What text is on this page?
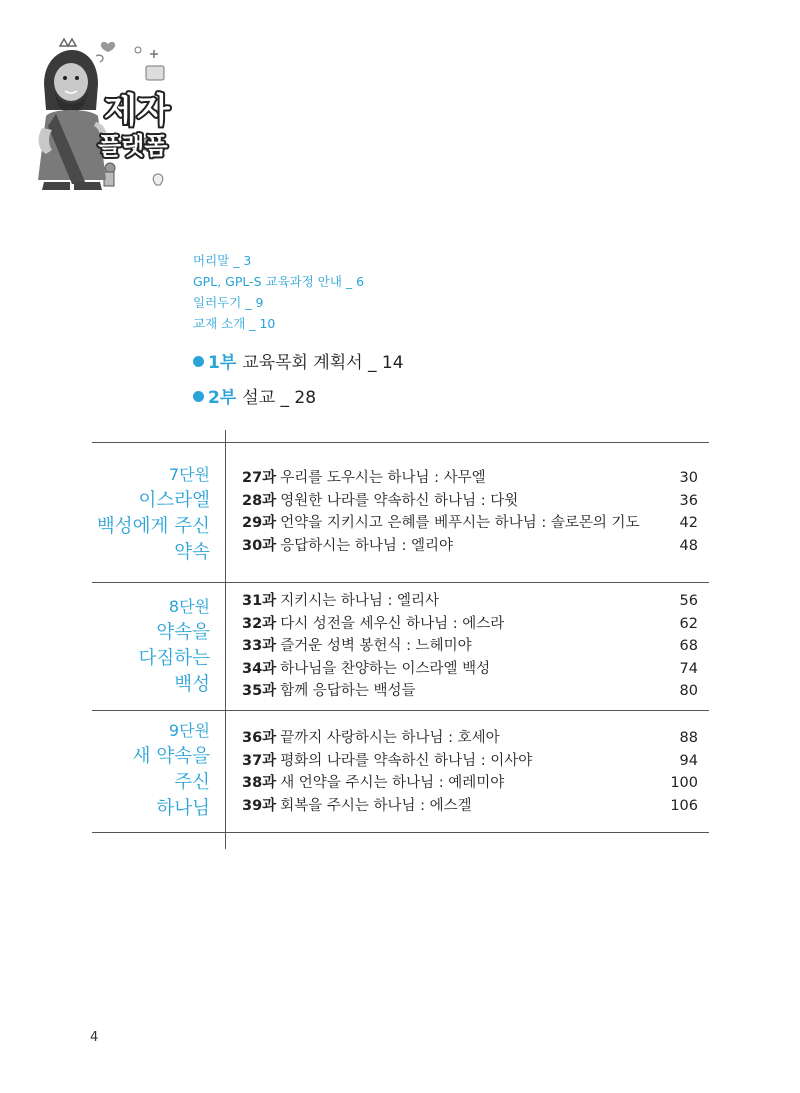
제자
플랫폼
머리말 _ 3
GPL, GPL-S 교육과정 안내 _ 6
일러두기 _ 9
교재 소개 _ 10
1부 교육목회 계획서 _ 14
2부 설교 _ 28
7단원
이스라엘
백성에게 주신
약속
27과 우리를 도우시는 하나님 : 사무엘	30
28과 영원한 나라를 약속하신 하나님 : 다윗	36
29과 언약을 지키시고 은혜를 베푸시는 하나님 : 솔로몬의 기도	42
30과 응답하시는 하나님 : 엘리야	48
8단원
약속을
다짐하는
백성
31과 지키시는 하나님 : 엘리사	56
32과 다시 성전을 세우신 하나님 : 에스라	62
33과 즐거운 성벽 봉헌식 : 느헤미야	68
34과 하나님을 찬양하는 이스라엘 백성	74
35과 함께 응답하는 백성들	80
9단원
새 약속을
주신
하나님
36과 끝까지 사랑하시는 하나님 : 호세아	88
37과 평화의 나라를 약속하신 하나님 : 이사야	94
38과 새 언약을 주시는 하나님 : 예레미야	100
39과 회복을 주시는 하나님 : 에스겔	106
4
